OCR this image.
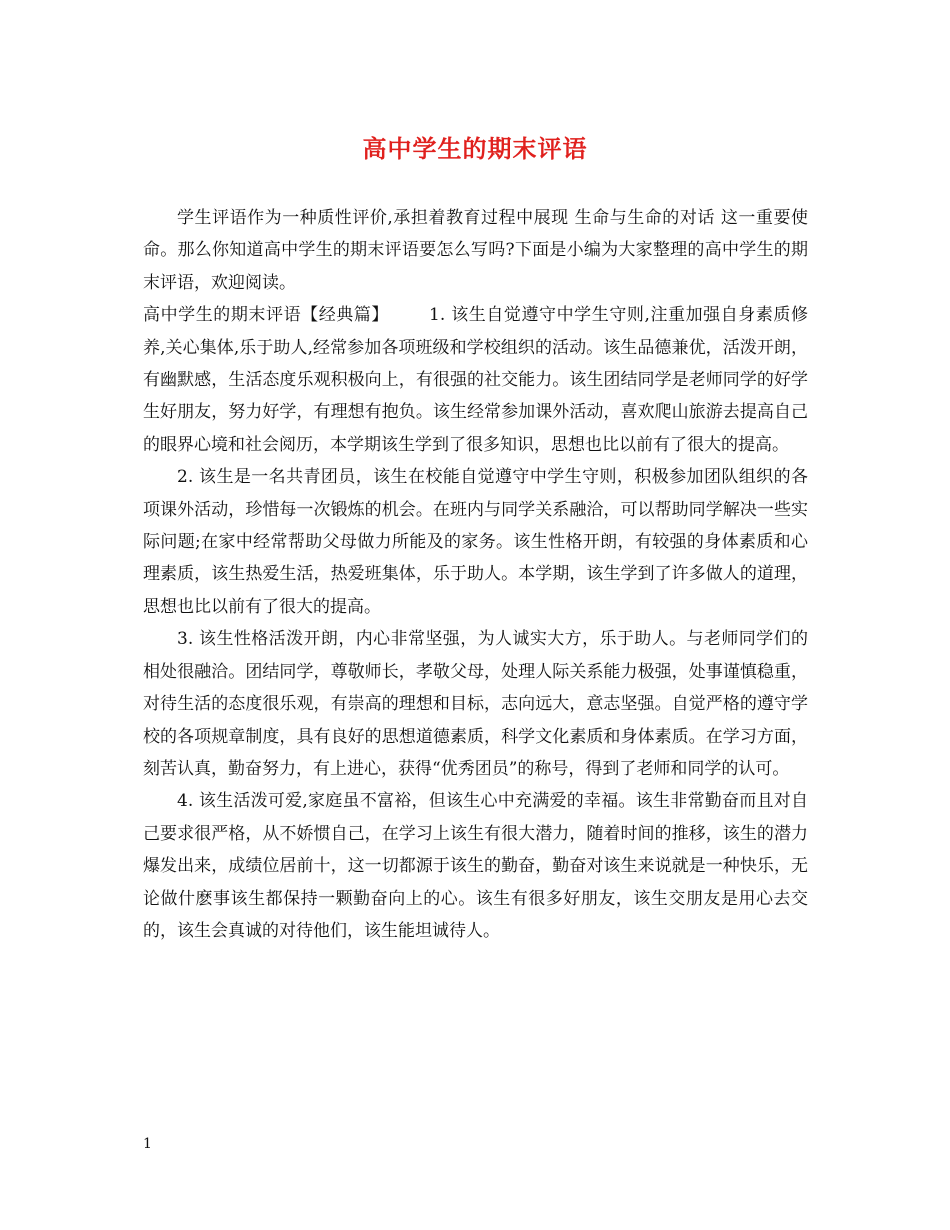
高中学生的期末评语

学生评语作为一种质性评价,承担着教育过程中展现 生命与生命的对话 这一重要使命。那么你知道高中学生的期末评语要怎么写吗?下面是小编为大家整理的高中学生的期末评语，欢迎阅读。

高中学生的期末评语【经典篇】 1. 该生自觉遵守中学生守则,注重加强自身素质修养,关心集体,乐于助人,经常参加各项班级和学校组织的活动。该生品德兼优，活泼开朗，有幽默感，生活态度乐观积极向上，有很强的社交能力。该生团结同学是老师同学的好学生好朋友，努力好学，有理想有抱负。该生经常参加课外活动，喜欢爬山旅游去提高自己的眼界心境和社会阅历，本学期该生学到了很多知识，思想也比以前有了很大的提高。

2. 该生是一名共青团员，该生在校能自觉遵守中学生守则，积极参加团队组织的各项课外活动，珍惜每一次锻炼的机会。在班内与同学关系融洽，可以帮助同学解决一些实际问题;在家中经常帮助父母做力所能及的家务。该生性格开朗，有较强的身体素质和心理素质，该生热爱生活，热爱班集体，乐于助人。本学期，该生学到了许多做人的道理，思想也比以前有了很大的提高。

3. 该生性格活泼开朗，内心非常坚强，为人诚实大方，乐于助人。与老师同学们的相处很融洽。团结同学，尊敬师长，孝敬父母，处理人际关系能力极强，处事谨慎稳重，对待生活的态度很乐观，有崇高的理想和目标，志向远大，意志坚强。自觉严格的遵守学校的各项规章制度，具有良好的思想道德素质，科学文化素质和身体素质。在学习方面，刻苦认真，勤奋努力，有上进心，获得“优秀团员”的称号，得到了老师和同学的认可。

4. 该生活泼可爱,家庭虽不富裕，但该生心中充满爱的幸福。该生非常勤奋而且对自己要求很严格，从不娇惯自己，在学习上该生有很大潜力，随着时间的推移，该生的潜力爆发出来，成绩位居前十，这一切都源于该生的勤奋，勤奋对该生来说就是一种快乐，无论做什麽事该生都保持一颗勤奋向上的心。该生有很多好朋友，该生交朋友是用心去交的，该生会真诚的对待他们，该生能坦诚待人。

1
